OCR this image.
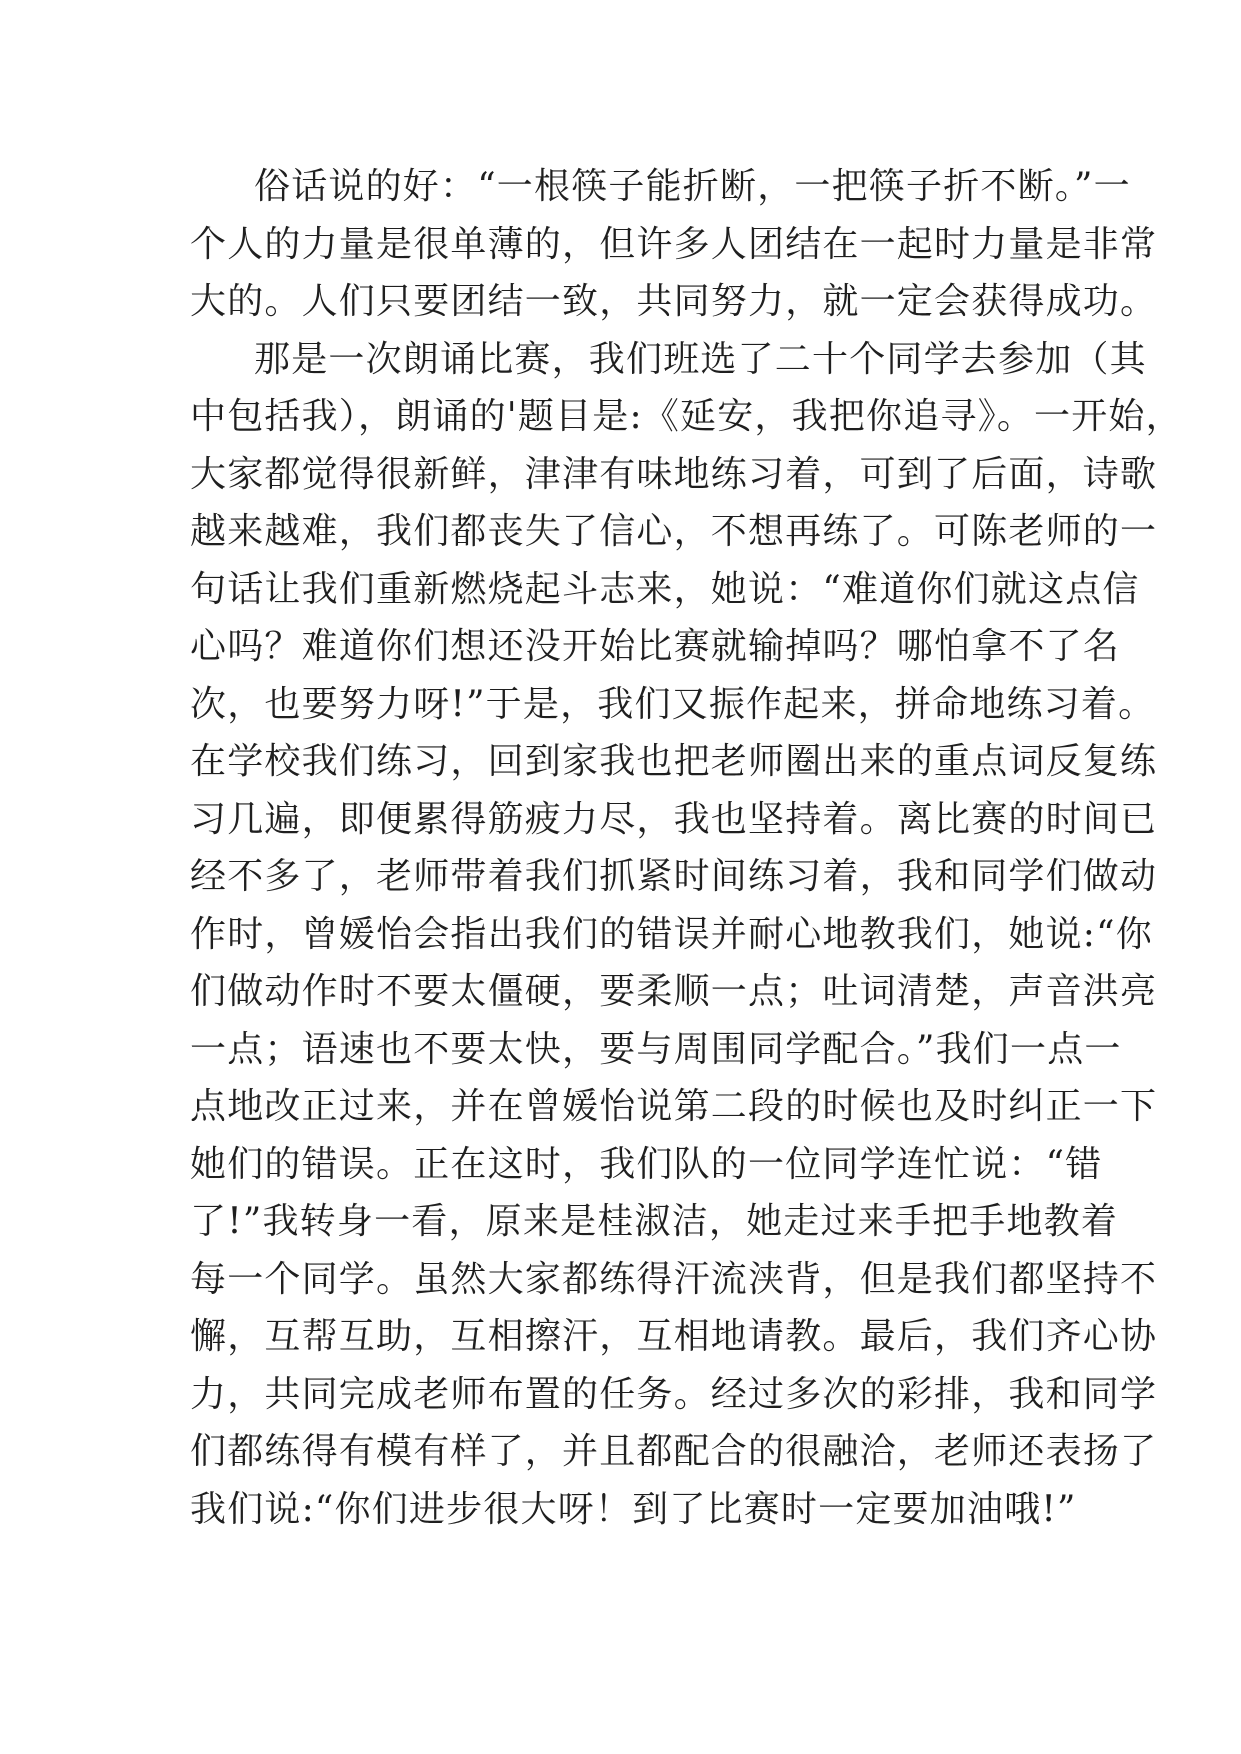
俗话说的好：“一根筷子能折断，一把筷子折不断。”一
个人的力量是很单薄的，但许多人团结在一起时力量是非常
大的。人们只要团结一致，共同努力，就一定会获得成功。
那是一次朗诵比赛，我们班选了二十个同学去参加（其
中包括我），朗诵的'题目是:《延安，我把你追寻》。一开始，
大家都觉得很新鲜，津津有味地练习着，可到了后面，诗歌
越来越难，我们都丧失了信心，不想再练了。可陈老师的一
句话让我们重新燃烧起斗志来，她说：“难道你们就这点信
心吗？难道你们想还没开始比赛就输掉吗？哪怕拿不了名
次，也要努力呀!”于是，我们又振作起来，拼命地练习着。
在学校我们练习，回到家我也把老师圈出来的重点词反复练
习几遍，即便累得筋疲力尽，我也坚持着。离比赛的时间已
经不多了，老师带着我们抓紧时间练习着，我和同学们做动
作时，曾媛怡会指出我们的错误并耐心地教我们，她说:“你
们做动作时不要太僵硬，要柔顺一点；吐词清楚，声音洪亮
一点；语速也不要太快，要与周围同学配合。”我们一点一
点地改正过来，并在曾媛怡说第二段的时候也及时纠正一下
她们的错误。正在这时，我们队的一位同学连忙说：“错
了!”我转身一看，原来是桂淑洁，她走过来手把手地教着
每一个同学。虽然大家都练得汗流浃背，但是我们都坚持不
懈，互帮互助，互相擦汗，互相地请教。最后，我们齐心协
力，共同完成老师布置的任务。经过多次的彩排，我和同学
们都练得有模有样了，并且都配合的很融洽，老师还表扬了
我们说:“你们进步很大呀！到了比赛时一定要加油哦!”
